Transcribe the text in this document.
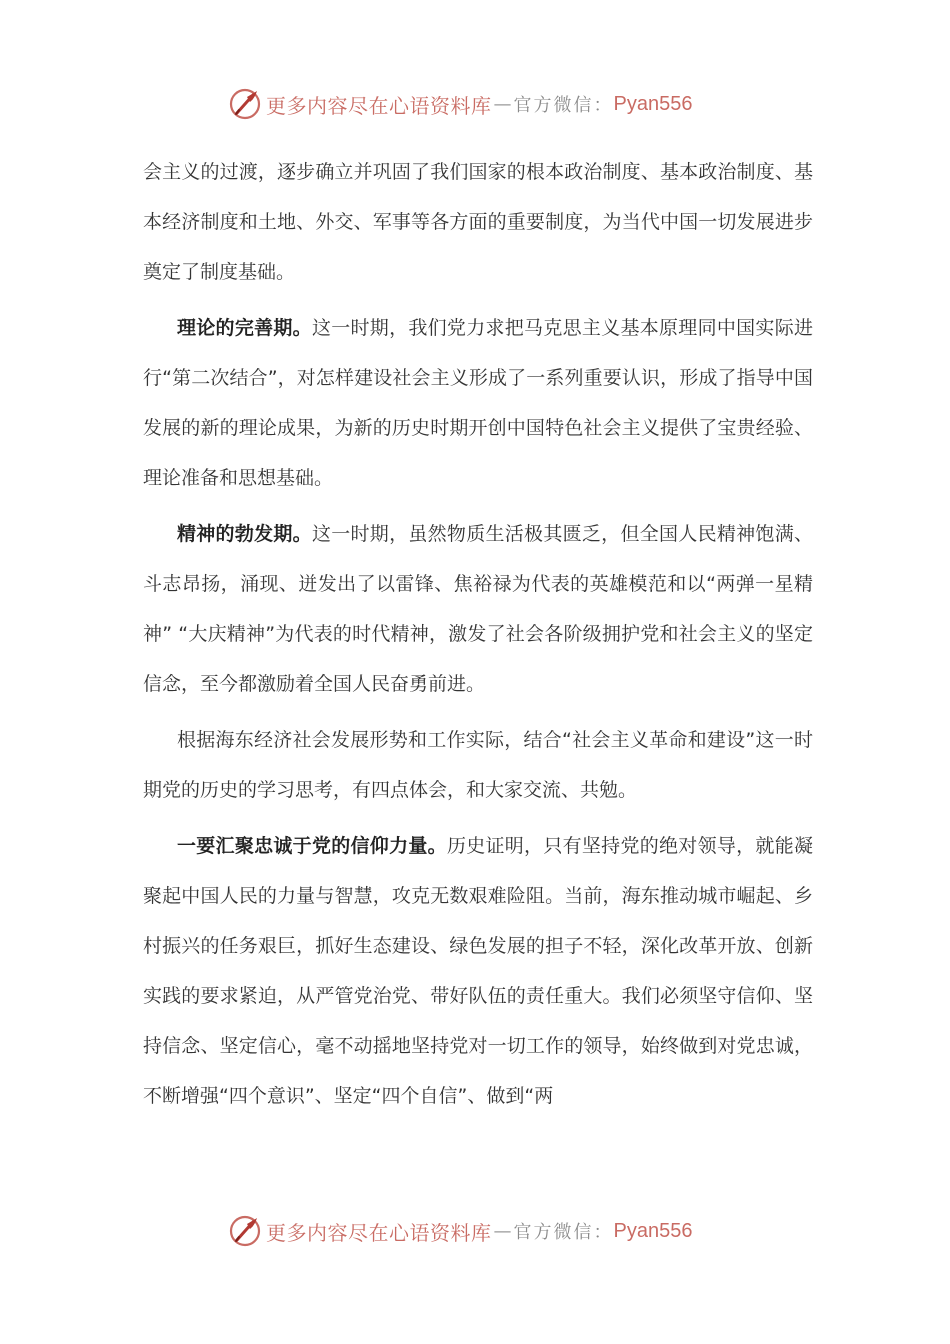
更多内容尽在心语资料库 — 官方微信： Pyan556

会主义的过渡，逐步确立并巩固了我们国家的根本政治制度、基本政治制度、基本经济制度和土地、外交、军事等各方面的重要制度，为当代中国一切发展进步奠定了制度基础。

理论的完善期。这一时期，我们党力求把马克思主义基本原理同中国实际进行“第二次结合”，对怎样建设社会主义形成了一系列重要认识，形成了指导中国发展的新的理论成果，为新的历史时期开创中国特色社会主义提供了宝贵经验、理论准备和思想基础。

精神的勃发期。这一时期，虽然物质生活极其匮乏，但全国人民精神饱满、斗志昂扬，涌现、迸发出了以雷锋、焦裕禄为代表的英雄模范和以“两弹一星精神” “大庆精神”为代表的时代精神，激发了社会各阶级拥护党和社会主义的坚定信念，至今都激励着全国人民奋勇前进。

根据海东经济社会发展形势和工作实际，结合“社会主义革命和建设”这一时期党的历史的学习思考，有四点体会，和大家交流、共勉。

一要汇聚忠诚于党的信仰力量。历史证明，只有坚持党的绝对领导，就能凝聚起中国人民的力量与智慧，攻克无数艰难险阻。当前，海东推动城市崛起、乡村振兴的任务艰巨，抓好生态建设、绿色发展的担子不轻，深化改革开放、创新实践的要求紧迫，从严管党治党、带好队伍的责任重大。我们必须坚守信仰、坚持信念、坚定信心，毫不动摇地坚持党对一切工作的领导，始终做到对党忠诚，不断增强“四个意识”、坚定“四个自信”、做到“两

更多内容尽在心语资料库 — 官方微信： Pyan556
